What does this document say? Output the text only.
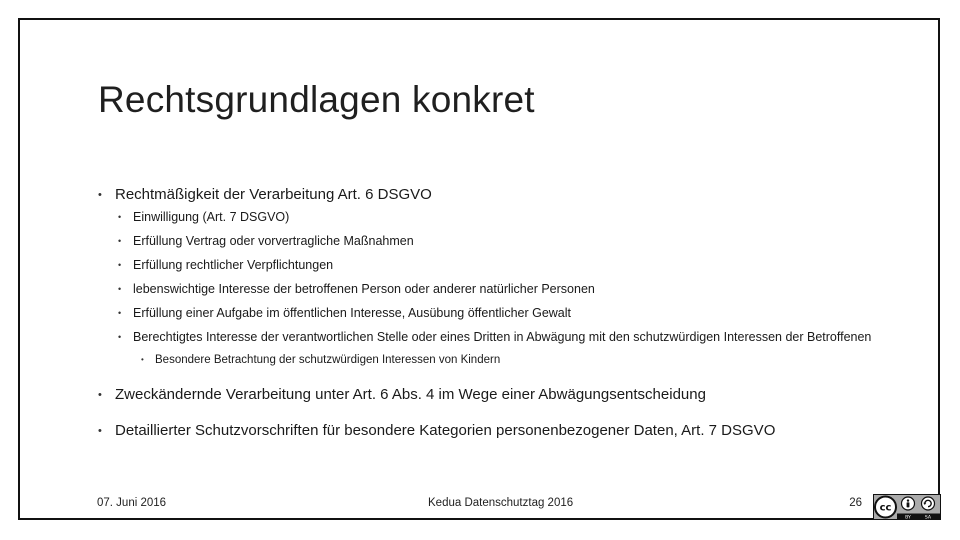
Rechtsgrundlagen konkret
• Rechtmäßigkeit der Verarbeitung Art. 6 DSGVO
• Einwilligung (Art. 7 DSGVO)
• Erfüllung Vertrag oder vorvertragliche Maßnahmen
• Erfüllung rechtlicher Verpflichtungen
• lebenswichtige Interesse der betroffenen Person oder anderer natürlicher Personen
• Erfüllung einer Aufgabe im öffentlichen Interesse, Ausübung öffentlicher Gewalt
• Berechtigtes Interesse der verantwortlichen Stelle oder eines Dritten in Abwägung mit den schutzwürdigen Interessen der Betroffenen
• Besondere Betrachtung der schutzwürdigen Interessen von Kindern
• Zweckändernde Verarbeitung unter Art. 6 Abs. 4 im Wege einer Abwägungsentscheidung
• Detaillierter Schutzvorschriften für besondere Kategorien personenbezogener Daten, Art. 7 DSGVO
07. Juni 2016	Kedua Datenschutztag 2016	26 cc
BY	SA
